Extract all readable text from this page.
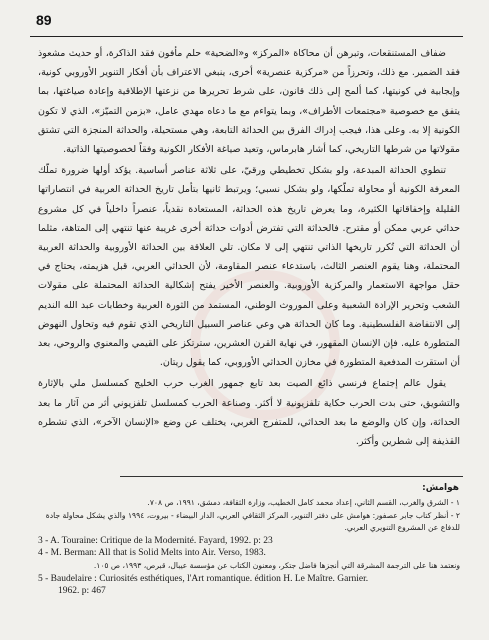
89

ضفاف المستنقعات، وتبرهن أن محاكاة «المركز» و«الضحية» حلم مأفون فقد الذاكرة، أو حديث مشعوذ فقد الضمير. مع ذلك، وتحرزاً من «مركزية عنصرية» أخرى، ينبغي الاعتراف بأن أفكار التنوير الأوروبي كونية، وإيجابية في كونيتها، كما ألمح إلى ذلك قانون، على شرط تحريرها من نزعتها الإطلاقية وإعادة صياغتها، بما يتفق مع خصوصية «مجتمعات الأطراف»، وبما يتواءم مع ما دعاه مهدي عامل، «بزمن التميّز»، الذي لا تكون الكونية إلا به. وعلى هذا، فيجب إدراك الفرق بين الحداثة التابعة، وهي مستحيلة، والحداثة المنجزة التي تشتق مقولاتها من شرطها التاريخي، كما أشار هابرماس، وتعيد صياغة الأفكار الكونية وفقاً لخصوصيتها الذاتية.

تنطوي الحداثة المبدعة، ولو بشكل تخطيطي ورقيّ، على ثلاثة عناصر أساسية. يؤكد أولها ضرورة تملّك المعرفة الكونية أو محاولة تملّكها، ولو بشكل نسبي؛ ويرتبط ثانيها بتأمل تاريخ الحداثة العربية في انتصاراتها القليلة وإخفاقاتها الكثيرة، وما يعرض تاريخ هذه الحداثة، المستعادة نقدياً، عنصراً داخلياً في كل مشروع حداثي عربي ممكن أو مقترح. فالحداثة التي تفترض أدوات حداثة أخرى غريبة عنها تنتهي إلى المتاهة، مثلما أن الحداثة التي تُكرر تاريخها الذاتي تنتهي إلى لا مكان. تلي العلاقة بين الحداثة الأوروبية والحداثة العربية المحتملة، وهنا يقوم العنصر الثالث، باستدعاء عنصر المقاومة، لأن الحداثي العربي، قبل هزيمته، يحتاج في حقل مواجهة الاستعمار والمركزية الأوروبية. والعنصر الأخير يفتح إشكالية الحداثة المحتملة على مقولات الشعب وتحرير الإرادة الشعبية وعلى الموروث الوطني، المستمد من الثورة العربية وخطابات عبد الله النديم إلى الانتفاضة الفلسطينية. وما كان الحداثة هي وعي عناصر السبيل التاريخي الذي تقوم فيه وتحاول النهوض المتطورة عليه. فإن الإنسان المقهور، في نهاية القرن العشرين، سترتكز على القيمي والمعنوي والروحي، بعد أن استقرت المدفعية المتطورة في مخازن الحداثي الأوروبي، كما يقول ريتان.

يقول عالم إجتماع فرنسي ذائع الصيت بعد تابع جمهور الغرب حرب الخليج كمسلسل ملي بالإثارة والتشويق، حتى بدت الحرب حكاية تلفزيونية لا أكثر. وصناعة الحرب كمسلسل تلفزيوني أثر من آثار ما بعد الحداثة، وإن كان والوضع ما بعد الحداثي، للمتفرج الغربي، يختلف عن وضع «الإنسان الآخر»، الذي تشطره القذيفة إلى شطرين وأكثر.

هوامش:
١ - الشرق والغرب، القسم الثاني، إعداد محمد كامل الخطيب، وزارة الثقافة، دمشق، ١٩٩١، ص ٧٠٨.
٢ - أنظر كتاب جابر عصفور: هوامش على دفتر التنوير، المركز الثقافي العربي، الدار البيضاء - بيروت، ١٩٩٤ والذي يشكل محاولة جادة للدفاع عن المشروع التنويري العربي.
3 - A. Touraine: Critique de la Modernité. Fayard, 1992. p: 23
4 - M. Berman: All that is Solid Melts into Air. Verso, 1983.
ونعتمد هنا على الترجمة المشرقة التي أنجزها فاضل جتكر، ومعنون الكتاب عن مؤسسة عيبال، قبرص، ١٩٩٣، ص ١٠٥.
5 - Baudelaire : Curiosités esthétiques, l'Art romantique. édition H. Le Maître. Garnier.
1962. p: 467
